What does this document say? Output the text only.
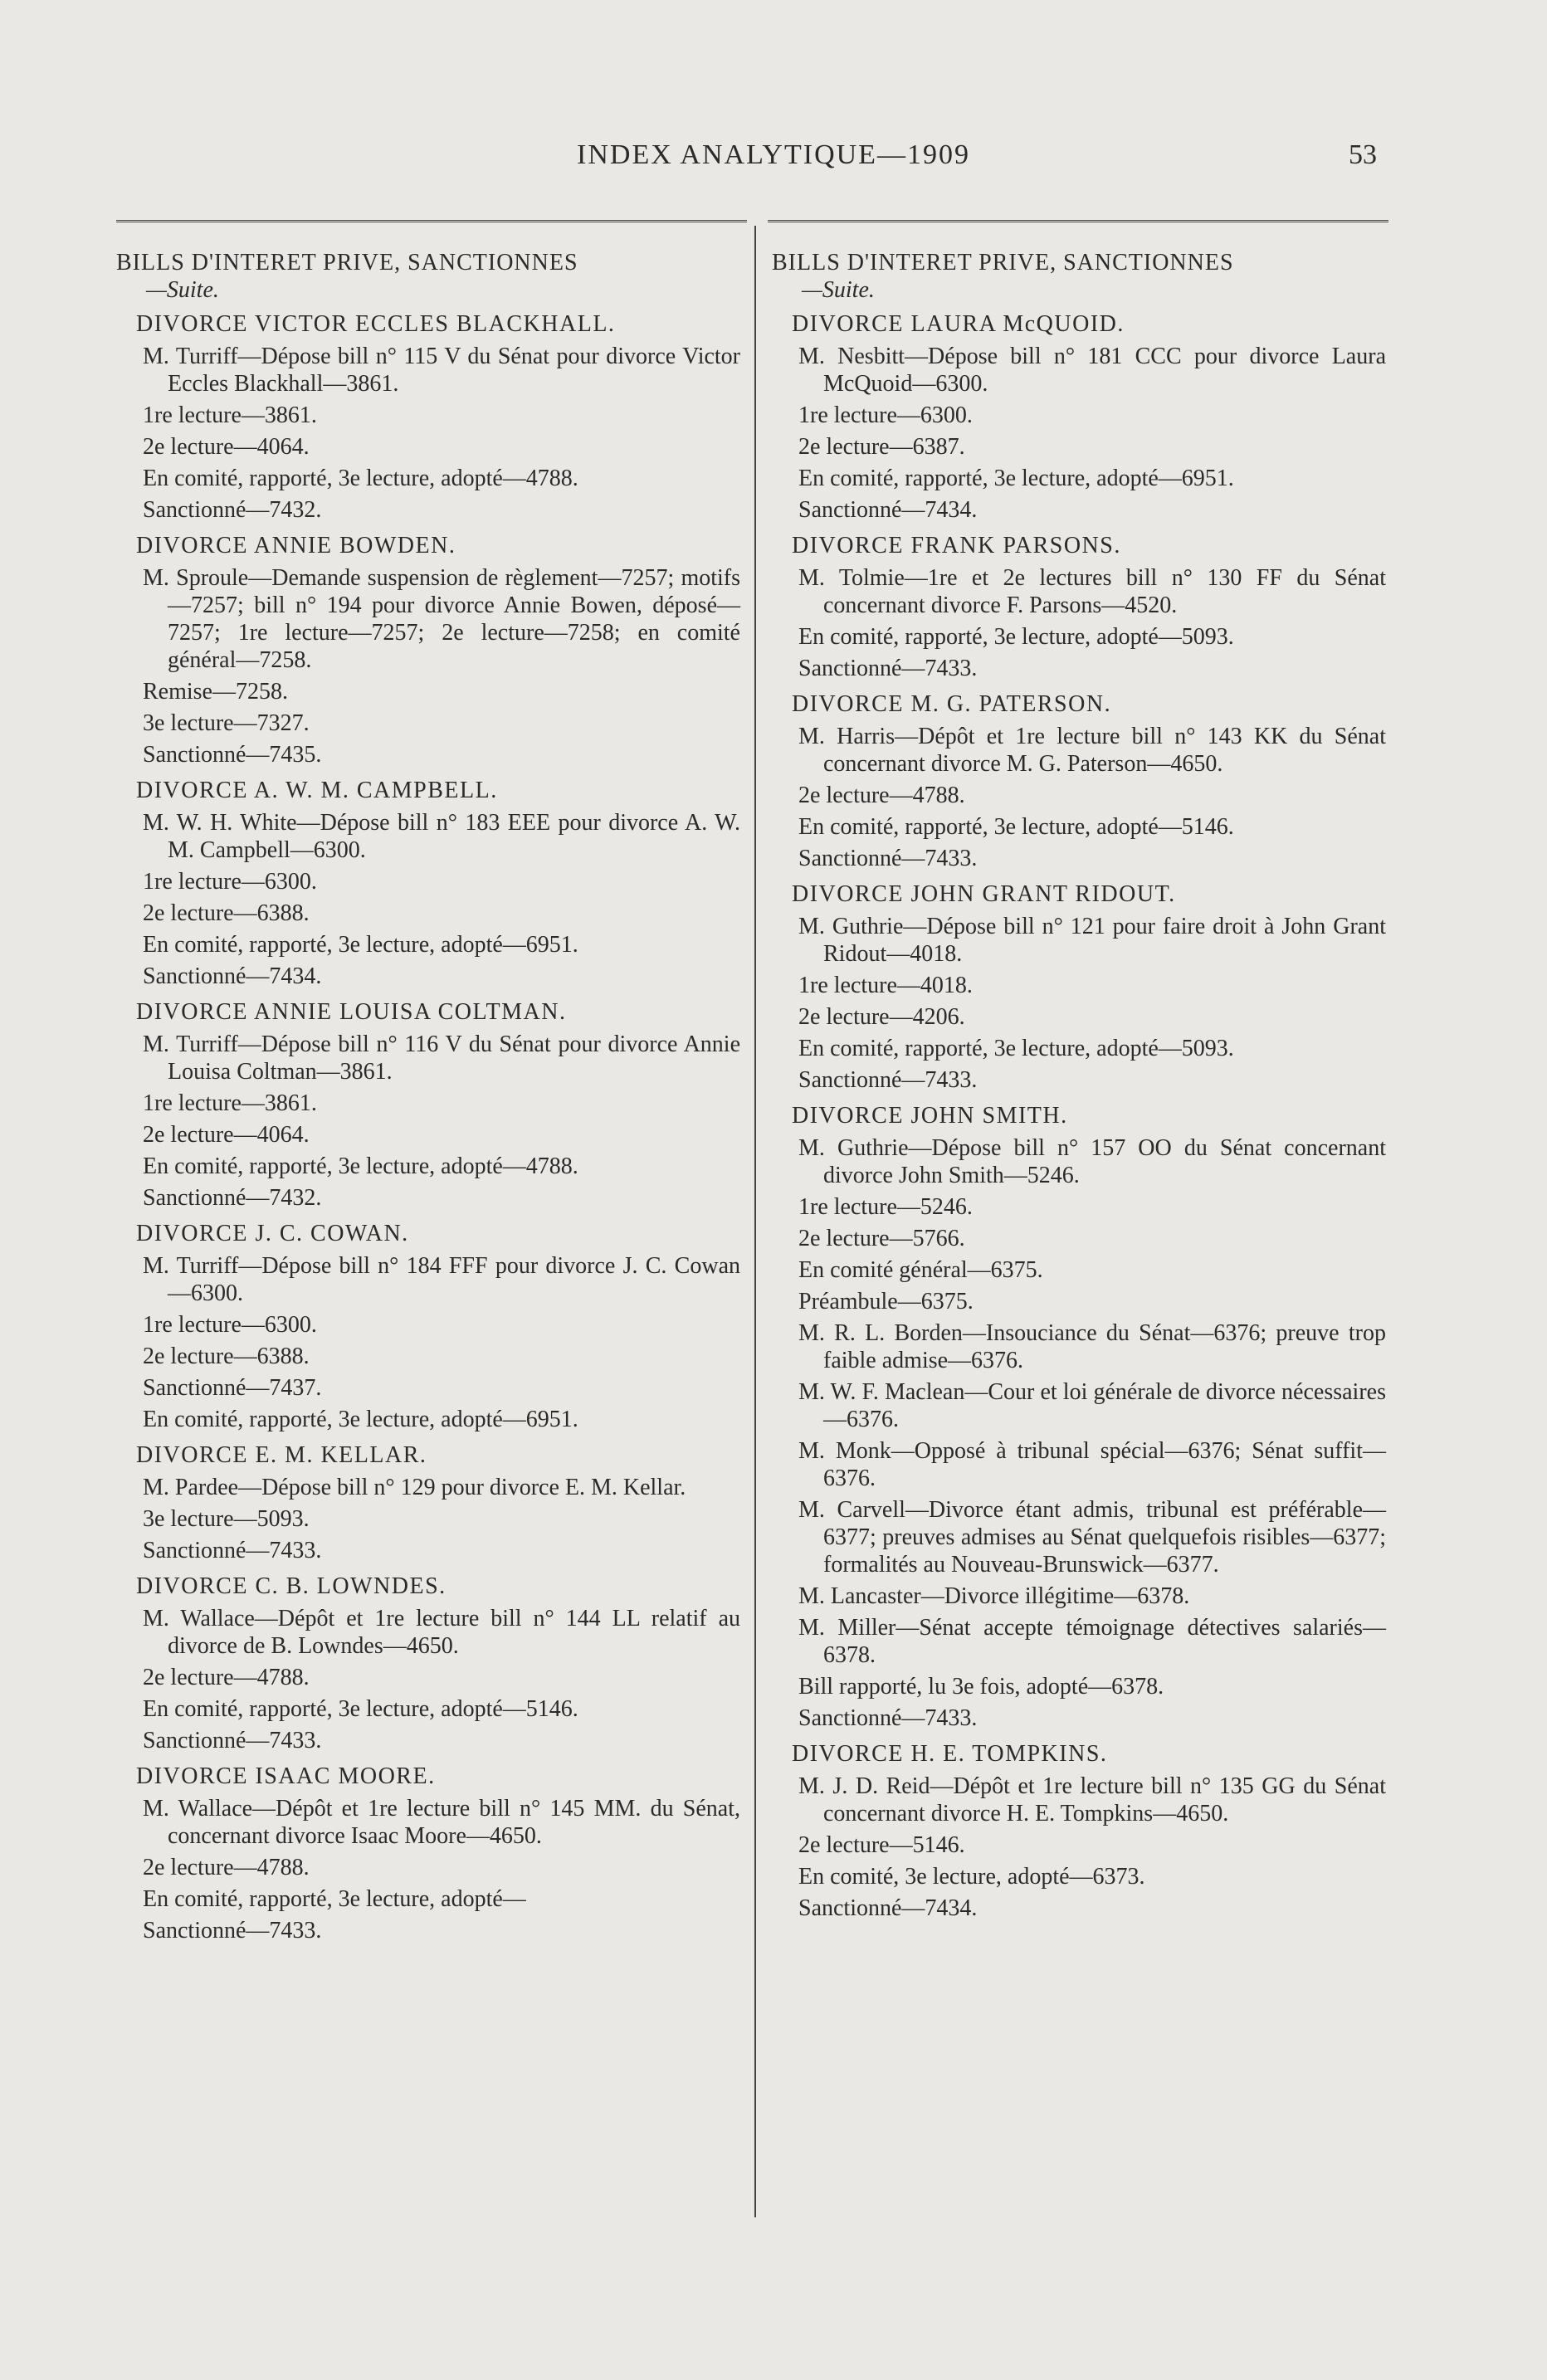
INDEX ANALYTIQUE—1909	53
BILLS D'INTERET PRIVE, SANCTIONNES
—Suite.
DIVORCE VICTOR ECCLES BLACKHALL.
M. Turriff—Dépose bill n° 115 V du Sénat pour divorce Victor Eccles Blackhall—3861.
1re lecture—3861.
2e lecture—4064.
En comité, rapporté, 3e lecture, adopté—4788.
Sanctionné—7432.
DIVORCE ANNIE BOWDEN.
M. Sproule—Demande suspension de règlement—7257; motifs—7257; bill n° 194 pour divorce Annie Bowen, déposé—7257; 1re lecture—7257; 2e lecture—7258; en comité général—7258.
Remise—7258.
3e lecture—7327.
Sanctionné—7435.
DIVORCE A. W. M. CAMPBELL.
M. W. H. White—Dépose bill n° 183 EEE pour divorce A. W. M. Campbell—6300.
1re lecture—6300.
2e lecture—6388.
En comité, rapporté, 3e lecture, adopté—6951.
Sanctionné—7434.
DIVORCE ANNIE LOUISA COLTMAN.
M. Turriff—Dépose bill n° 116 V du Sénat pour divorce Annie Louisa Coltman—3861.
1re lecture—3861.
2e lecture—4064.
En comité, rapporté, 3e lecture, adopté—4788.
Sanctionné—7432.
DIVORCE J. C. COWAN.
M. Turriff—Dépose bill n° 184 FFF pour divorce J. C. Cowan—6300.
1re lecture—6300.
2e lecture—6388.
Sanctionné—7437.
En comité, rapporté, 3e lecture, adopté—6951.
DIVORCE E. M. KELLAR.
M. Pardee—Dépose bill n° 129 pour divorce E. M. Kellar.
3e lecture—5093.
Sanctionné—7433.
DIVORCE C. B. LOWNDES.
M. Wallace—Dépôt et 1re lecture bill n° 144 LL relatif au divorce de B. Lowndes—4650.
2e lecture—4788.
En comité, rapporté, 3e lecture, adopté—5146.
Sanctionné—7433.
DIVORCE ISAAC MOORE.
M. Wallace—Dépôt et 1re lecture bill n° 145 MM. du Sénat, concernant divorce Isaac Moore—4650.
2e lecture—4788.
En comité, rapporté, 3e lecture, adopté—
Sanctionné—7433.
BILLS D'INTERET PRIVE, SANCTIONNES
—Suite.
DIVORCE LAURA McQUOID.
M. Nesbitt—Dépose bill n° 181 CCC pour divorce Laura McQuoid—6300.
1re lecture—6300.
2e lecture—6387.
En comité, rapporté, 3e lecture, adopté—6951.
Sanctionné—7434.
DIVORCE FRANK PARSONS.
M. Tolmie—1re et 2e lectures bill n° 130 FF du Sénat concernant divorce F. Parsons—4520.
En comité, rapporté, 3e lecture, adopté—5093.
Sanctionné—7433.
DIVORCE M. G. PATERSON.
M. Harris—Dépôt et 1re lecture bill n° 143 KK du Sénat concernant divorce M. G. Paterson—4650.
2e lecture—4788.
En comité, rapporté, 3e lecture, adopté—5146.
Sanctionné—7433.
DIVORCE JOHN GRANT RIDOUT.
M. Guthrie—Dépose bill n° 121 pour faire droit à John Grant Ridout—4018.
1re lecture—4018.
2e lecture—4206.
En comité, rapporté, 3e lecture, adopté—5093.
Sanctionné—7433.
DIVORCE JOHN SMITH.
M. Guthrie—Dépose bill n° 157 OO du Sénat concernant divorce John Smith—5246.
1re lecture—5246.
2e lecture—5766.
En comité général—6375.
Préambule—6375.
M. R. L. Borden—Insouciance du Sénat—6376; preuve trop faible admise—6376.
M. W. F. Maclean—Cour et loi générale de divorce nécessaires—6376.
M. Monk—Opposé à tribunal spécial—6376; Sénat suffit—6376.
M. Carvell—Divorce étant admis, tribunal est préférable—6377; preuves admises au Sénat quelquefois risibles—6377; formalités au Nouveau-Brunswick—6377.
M. Lancaster—Divorce illégitime—6378.
M. Miller—Sénat accepte témoignage détectives salariés—6378.
Bill rapporté, lu 3e fois, adopté—6378.
Sanctionné—7433.
DIVORCE H. E. TOMPKINS.
M. J. D. Reid—Dépôt et 1re lecture bill n° 135 GG du Sénat concernant divorce H. E. Tompkins—4650.
2e lecture—5146.
En comité, 3e lecture, adopté—6373.
Sanctionné—7434.
